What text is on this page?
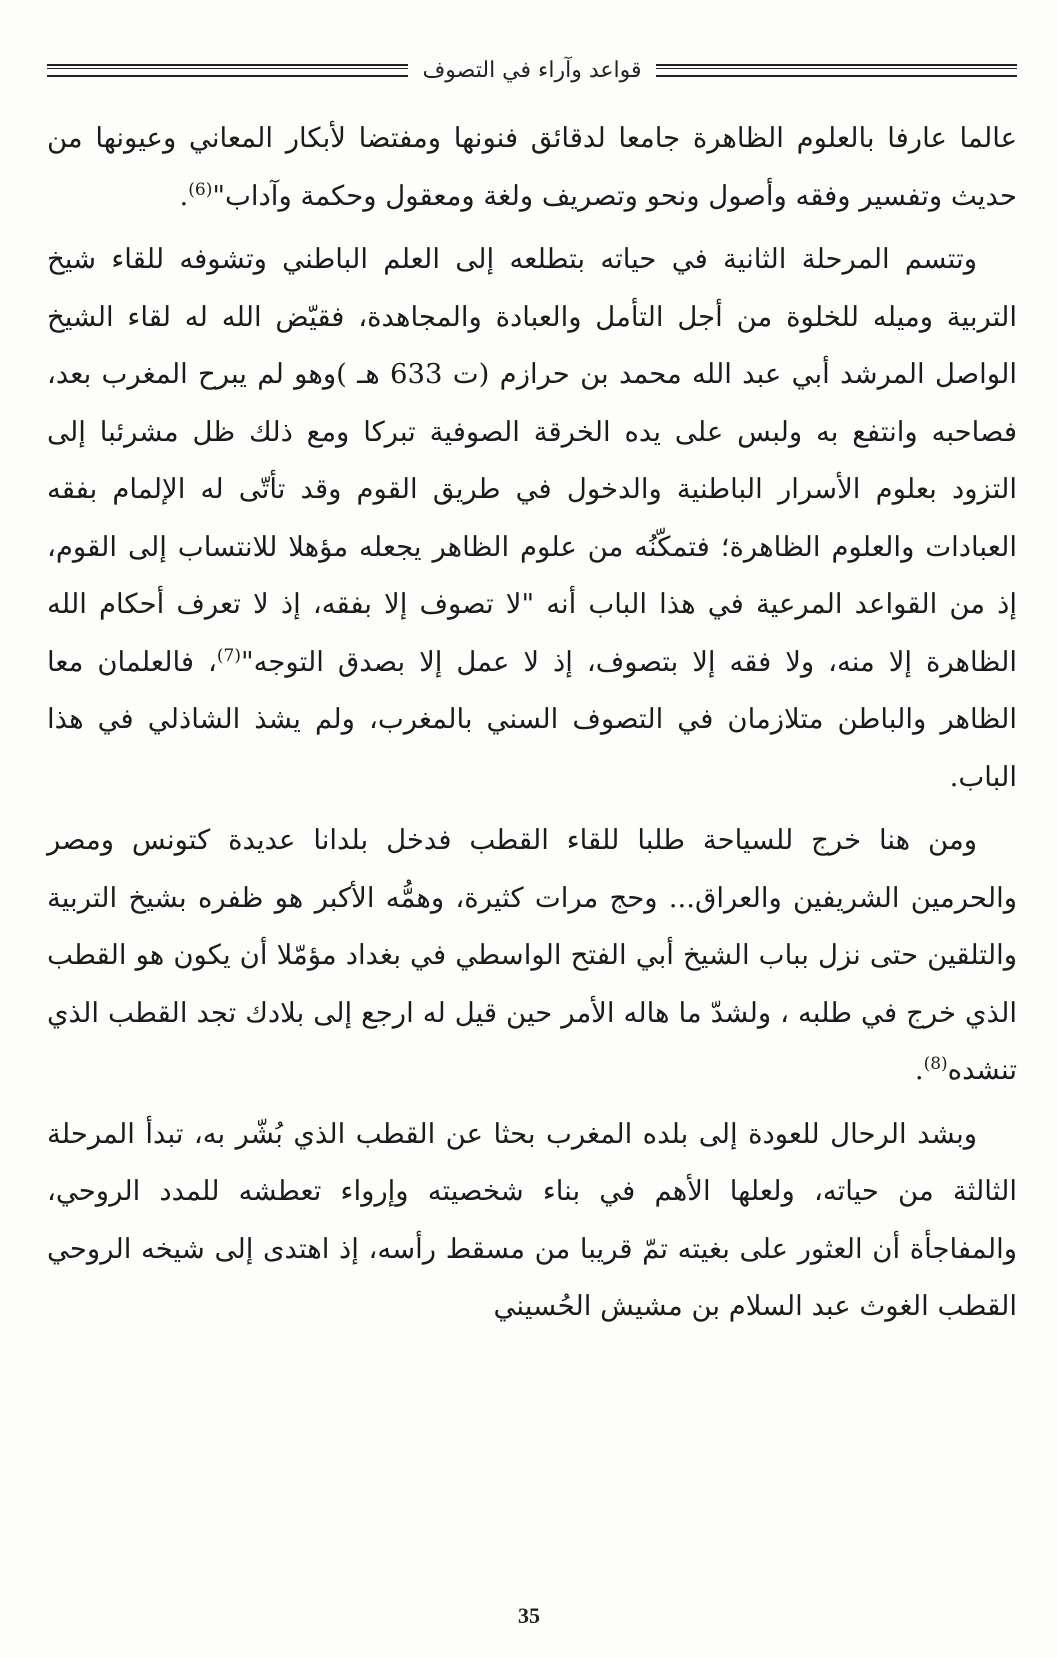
قواعد وآراء في التصوف

عالما عارفا بالعلوم الظاهرة جامعا لدقائق فنونها ومفتضا لأبكار المعاني وعيونها من حديث وتفسير وفقه وأصول ونحو وتصريف ولغة ومعقول وحكمة وآداب"$^{(6)}$.

وتتسم المرحلة الثانية في حياته بتطلعه إلى العلم الباطني وتشوفه للقاء شيخ التربية وميله للخلوة من أجل التأمل والعبادة والمجاهدة، فقيّض الله له لقاء الشيخ الواصل المرشد أبي عبد الله محمد بن حرازم (ت 633 هـ )وهو لم يبرح المغرب بعد، فصاحبه وانتفع به ولبس على يده الخرقة الصوفية تبركا ومع ذلك ظل مشرئبا إلى التزود بعلوم الأسرار الباطنية والدخول في طريق القوم وقد تأتّى له الإلمام بفقه العبادات والعلوم الظاهرة؛ فتمكّنُه من علوم الظاهر يجعله مؤهلا للانتساب إلى القوم، إذ من القواعد المرعية في هذا الباب أنه "لا تصوف إلا بفقه، إذ لا تعرف أحكام الله الظاهرة إلا منه، ولا فقه إلا بتصوف، إذ لا عمل إلا بصدق التوجه"$^{(7)}$، فالعلمان معا الظاهر والباطن متلازمان في التصوف السني بالمغرب، ولم يشذ الشاذلي في هذا الباب.

ومن هنا خرج للسياحة طلبا للقاء القطب فدخل بلدانا عديدة كتونس ومصر والحرمين الشريفين والعراق... وحج مرات كثيرة، وهمُّه الأكبر هو ظفره بشيخ التربية والتلقين حتى نزل بباب الشيخ أبي الفتح الواسطي في بغداد مؤمّلا أن يكون هو القطب الذي خرج في طلبه ، ولشدّ ما هاله الأمر حين قيل له ارجع إلى بلادك تجد القطب الذي تنشده$^{(8)}$.

وبشد الرحال للعودة إلى بلده المغرب بحثا عن القطب الذي بُشّر به، تبدأ المرحلة الثالثة من حياته، ولعلها الأهم في بناء شخصيته وإرواء تعطشه للمدد الروحي، والمفاجأة أن العثور على بغيته تمّ قريبا من مسقط رأسه، إذ اهتدى إلى شيخه الروحي القطب الغوث عبد السلام بن مشيش الحُسيني

35
